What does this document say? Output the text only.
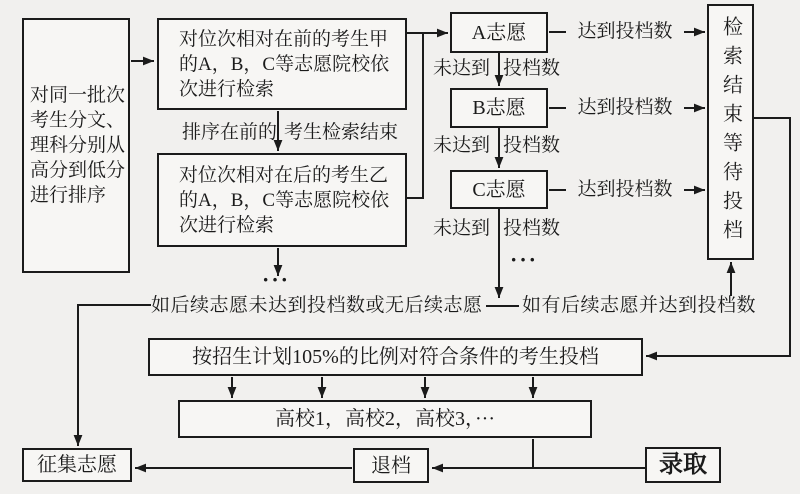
对同一批次
考生分文、
理科分别从
高分到低分
进行排序
对位次相对在前的考生甲
的A，B，C等志愿院校依
次进行检索
对位次相对在后的考生乙
的A，B，C等志愿院校依
次进行检索
A志愿
B志愿
C志愿	检索结束等待投档
按招生计划105%的比例对符合条件的考生投档
高校1，高校2，高校3，···
征集志愿	退档	录取
排序在前的 考生检索结束
达到投档数
达到投档数
达到投档数
未达到 投档数
未达到 投档数
未达到 投档数
···
···
如后续志愿未达到投档数或无后续志愿 如有后续志愿并达到投档数
